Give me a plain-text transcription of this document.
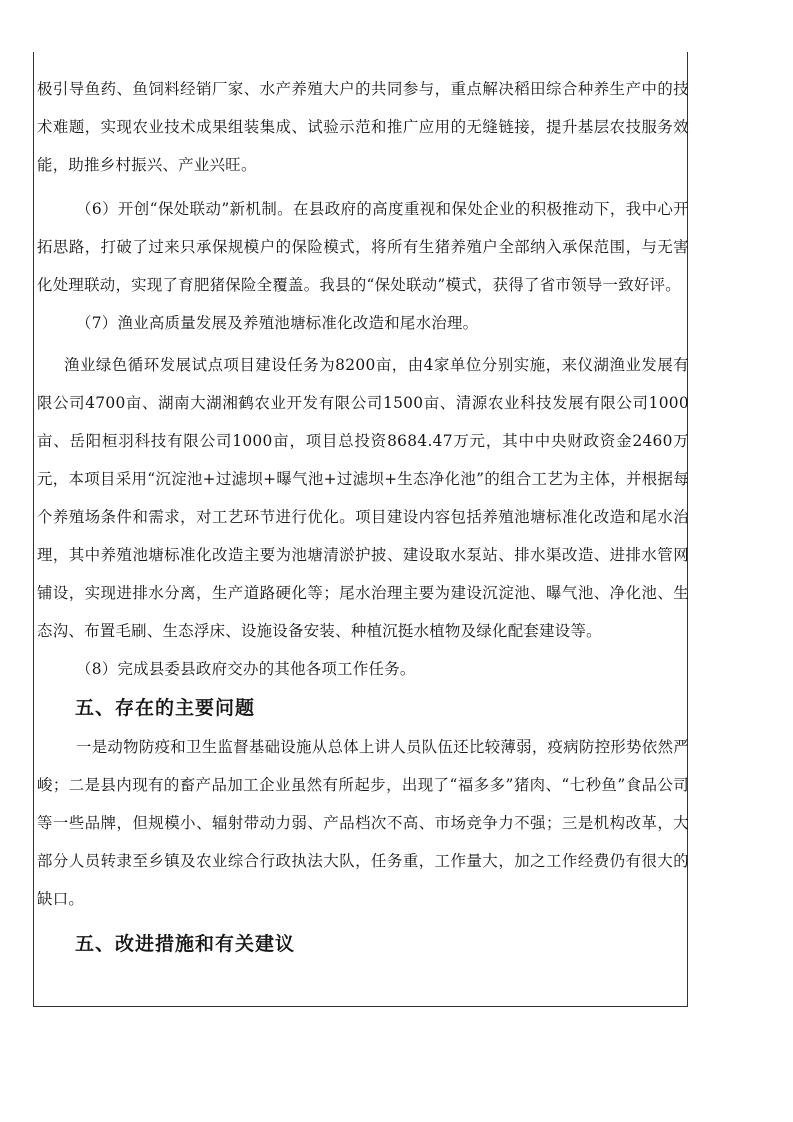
极引导鱼药、鱼饲料经销厂家、水产养殖大户的共同参与，重点解决稻田综合种养生产中的技术难题，实现农业技术成果组装集成、试验示范和推广应用的无缝链接，提升基层农技服务效能，助推乡村振兴、产业兴旺。

（6）开创“保处联动”新机制。在县政府的高度重视和保处企业的积极推动下，我中心开拓思路，打破了过来只承保规模户的保险模式，将所有生猪养殖户全部纳入承保范围，与无害化处理联动，实现了育肥猪保险全覆盖。我县的“保处联动”模式，获得了省市领导一致好评。

（7）渔业高质量发展及养殖池塘标准化改造和尾水治理。

渔业绿色循环发展试点项目建设任务为8200亩，由4家单位分别实施，来仪湖渔业发展有限公司4700亩、湖南大湖湘鹤农业开发有限公司1500亩、清源农业科技发展有限公司1000亩、岳阳桓羽科技有限公司1000亩，项目总投资8684.47万元，其中中央财政资金2460万元，本项目采用“沉淀池+过滤坝+曝气池+过滤坝+生态净化池”的组合工艺为主体，并根据每个养殖场条件和需求，对工艺环节进行优化。项目建设内容包括养殖池塘标准化改造和尾水治理，其中养殖池塘标准化改造主要为池塘清淤护披、建设取水泵站、排水渠改造、进排水管网铺设，实现进排水分离，生产道路硬化等；尾水治理主要为建设沉淀池、曝气池、净化池、生态沟、布置毛刷、生态浮床、设施设备安装、种植沉挺水植物及绿化配套建设等。

（8）完成县委县政府交办的其他各项工作任务。

五、存在的主要问题

一是动物防疫和卫生监督基础设施从总体上讲人员队伍还比较薄弱，疫病防控形势依然严峻；二是县内现有的畜产品加工企业虽然有所起步，出现了“福多多”猪肉、“七秒鱼”食品公司等一些品牌，但规模小、辐射带动力弱、产品档次不高、市场竞争力不强；三是机构改革，大部分人员转隶至乡镇及农业综合行政执法大队，任务重，工作量大，加之工作经费仍有很大的缺口。

五、改进措施和有关建议
